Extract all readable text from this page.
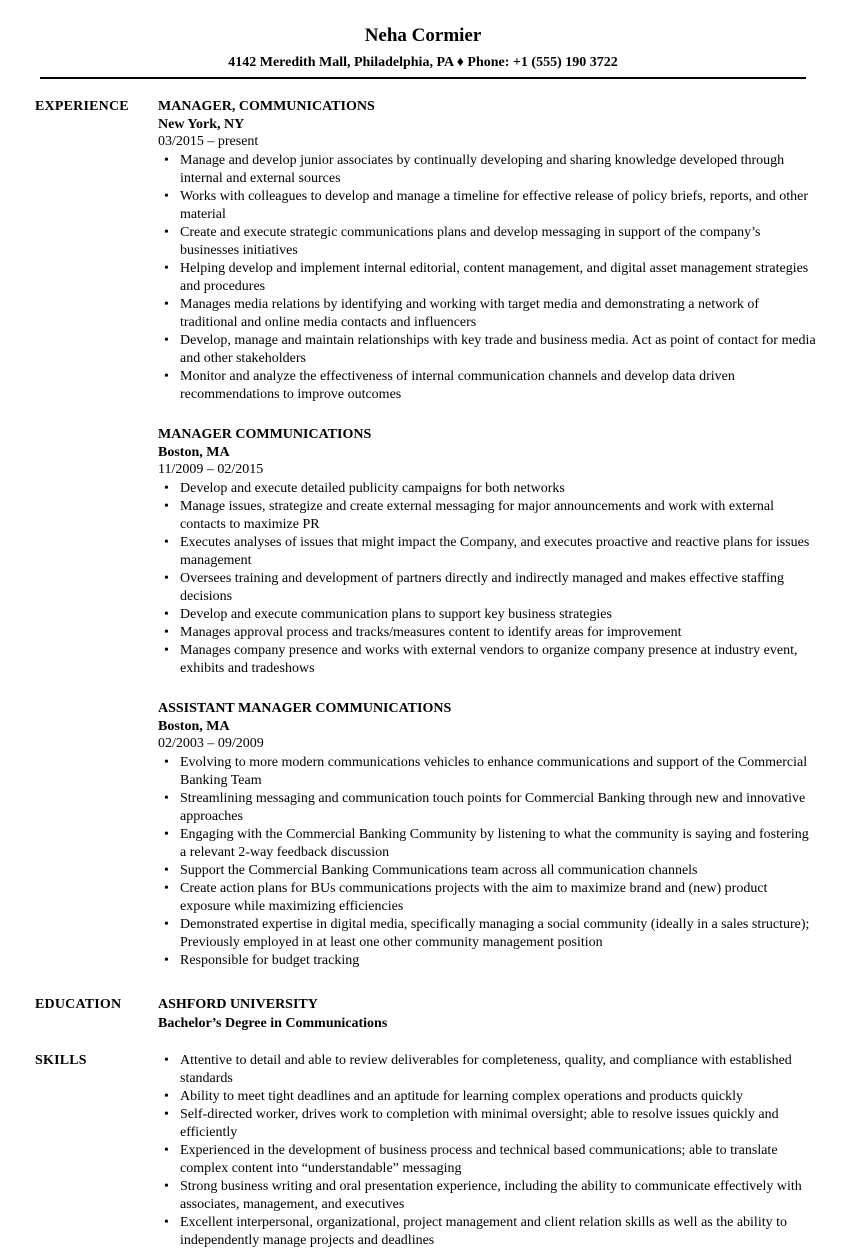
Neha Cormier
4142 Meredith Mall, Philadelphia, PA ♦ Phone: +1 (555) 190 3722
EXPERIENCE MANAGER, COMMUNICATIONS
New York, NY
03/2015 – present
• Manage and develop junior associates by continually developing and sharing knowledge developed through internal and external sources
• Works with colleagues to develop and manage a timeline for effective release of policy briefs, reports, and other material
• Create and execute strategic communications plans and develop messaging in support of the company’s businesses initiatives
• Helping develop and implement internal editorial, content management, and digital asset management strategies and procedures
• Manages media relations by identifying and working with target media and demonstrating a network of traditional and online media contacts and influencers
• Develop, manage and maintain relationships with key trade and business media. Act as point of contact for media and other stakeholders
• Monitor and analyze the effectiveness of internal communication channels and develop data driven recommendations to improve outcomes
MANAGER COMMUNICATIONS
Boston, MA
11/2009 – 02/2015
• Develop and execute detailed publicity campaigns for both networks
• Manage issues, strategize and create external messaging for major announcements and work with external contacts to maximize PR
• Executes analyses of issues that might impact the Company, and executes proactive and reactive plans for issues management
• Oversees training and development of partners directly and indirectly managed and makes effective staffing decisions
• Develop and execute communication plans to support key business strategies
• Manages approval process and tracks/measures content to identify areas for improvement
• Manages company presence and works with external vendors to organize company presence at industry event, exhibits and tradeshows
ASSISTANT MANAGER COMMUNICATIONS
Boston, MA
02/2003 – 09/2009
• Evolving to more modern communications vehicles to enhance communications and support of the Commercial Banking Team
• Streamlining messaging and communication touch points for Commercial Banking through new and innovative approaches
• Engaging with the Commercial Banking Community by listening to what the community is saying and fostering a relevant 2-way feedback discussion
• Support the Commercial Banking Communications team across all communication channels
• Create action plans for BUs communications projects with the aim to maximize brand and (new) product exposure while maximizing efficiencies
• Demonstrated expertise in digital media, specifically managing a social community (ideally in a sales structure); Previously employed in at least one other community management position
• Responsible for budget tracking
EDUCATION	ASHFORD UNIVERSITY
Bachelor’s Degree in Communications
SKILLS
•	Attentive to detail and able to review deliverables for completeness, quality, and compliance with established standards
• Ability to meet tight deadlines and an aptitude for learning complex operations and products quickly
• Self-directed worker, drives work to completion with minimal oversight; able to resolve issues quickly and efficiently
• Experienced in the development of business process and technical based communications; able to translate complex content into “understandable” messaging
• Strong business writing and oral presentation experience, including the ability to communicate effectively with associates, management, and executives
• Excellent interpersonal, organizational, project management and client relation skills as well as the ability to independently manage projects and deadlines
